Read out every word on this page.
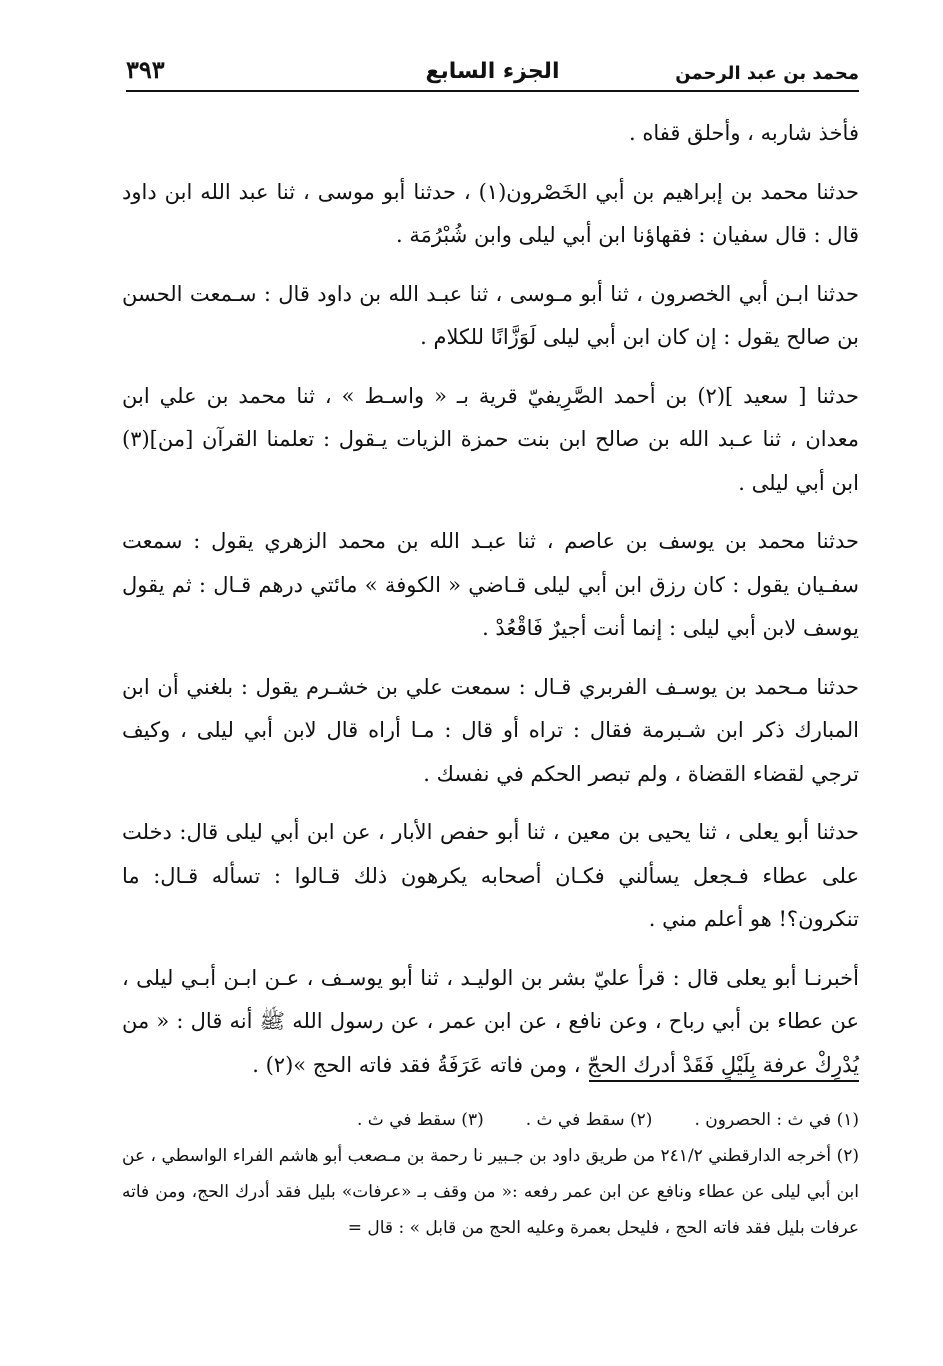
محمد بن عبد الرحمن
الجزء السابع
٣٩٣

فأخذ شاربه ، وأحلق قفاه .

حدثنا محمد بن إبراهيم بن أبي الخَصْرون(١) ، حدثنا أبو موسى ، ثنا عبد الله ابن داود قال : قال سفيان : فقهاؤنا ابن أبي ليلى وابن شُبْرُمَة .

حدثنا ابـن أبي الخصرون ، ثنا أبو مـوسى ، ثنا عبـد الله بن داود قال : سـمعت الحسن بن صالح يقول : إن كان ابن أبي ليلى لَوَزَّانًا للكلام .

حدثنا [ سعيد ](٢) بن أحمد الصَّرِيفيّ قرية بـ « واسـط » ، ثنا محمد بن علي ابن معدان ، ثنا عـبد الله بن صالح ابن بنت حمزة الزيات يـقول : تعلمنا القرآن [من](٣) ابن أبي ليلى .

حدثنا محمد بن يوسف بن عاصم ، ثنا عبـد الله بن محمد الزهري يقول : سمعت سفـيان يقول : كان رزق ابن أبي ليلى قـاضي « الكوفة » مائتي درهم قـال : ثم يقول يوسف لابن أبي ليلى : إنما أنت أجيرٌ فَاقْعُدْ .

حدثنا مـحمد بن يوسـف الفربري قـال : سمعت علي بن خشـرم يقول : بلغني أن ابن المبارك ذكر ابن شـبرمة فقال : تراه أو قال : مـا أراه قال لابن أبي ليلى ، وكيف ترجي لقضاء القضاة ، ولم تبصر الحكم في نفسك .

حدثنا أبو يعلى ، ثنا يحيى بن معين ، ثنا أبو حفص الأبار ، عن ابن أبي ليلى قال: دخلت على عطاء فـجعل يسألني فكـان أصحابه يكرهون ذلك قـالوا : تسأله قـال: ما تنكرون؟! هو أعلم مني .

أخبرنـا أبو يعلى قال : قرأ عليّ بشر بن الوليـد ، ثنا أبو يوسـف ، عـن ابـن أبـي ليلى ، عن عطاء بن أبي رباح ، وعن نافع ، عن ابن عمر ، عن رسول الله ﷺ أنه قال : « من يُدْرِكْ عرفة بِلَيْلٍ فَقَدْ أدرك الحجّ ، ومن فاته عَرَفَةُ فقد فاته الحج »(٢) .

(١) في ث : الحصرون .
(٢) سقط في ث .
(٣) سقط في ث .

(٢) أخرجه الدارقطني ٢٤١/٢ من طريق داود بن جـبير نا رحمة بن مـصعب أبو هاشم الفراء الواسطي ، عن ابن أبي ليلى عن عطاء ونافع عن ابن عمر رفعه :« من وقف بـ «عرفات» بليل فقد أدرك الحج، ومن فاته عرفات بليل فقد فاته الحج ، فليحل بعمرة وعليه الحج من قابل » : قال =
